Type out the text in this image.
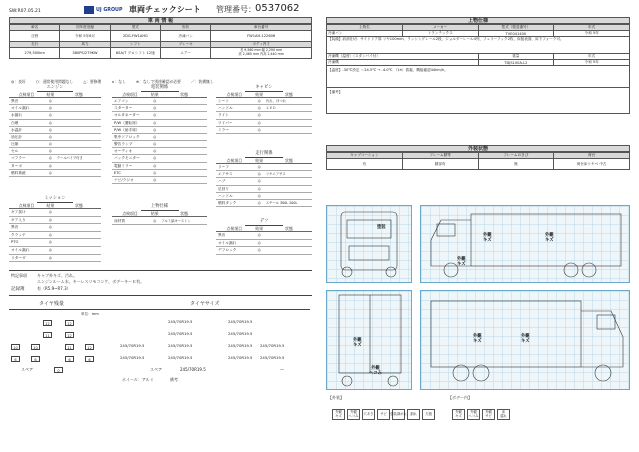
SW:R07.05.21	UJ GROUP 車両チェックシート 管理番号： 0537062
車 両 情 報
車名	初年度登録	型式	形状	車台番号
日野	令和 5年6月	2DG-FW1AHG	冷凍バン	FW1AH-122606
走行	馬力	シフト	ブレーキ	ボディ内寸
279,500km	380PS/279KW	6SA/T プロシフト 12速	エアー	長 9,560 mm 幅 2,290 mm
高 2,460 mm 内高 2,440 mm
◎：良好	○：通常使用問題なし	△：要修理	×：なし	※：なしで別途確認が必要	／：装備無し
エンジン
点検項目	結果	状態
異音	◎
オイル漏れ	◎
水漏れ	◎
白煙	◎
水温計	◎
油圧計	◎
圧縮	◎
セル	◎
マフラー	◎	テールパイプ付き
ターボ	◎
燃料系統	◎
ミッション
点検項目	結果	状態
ギア抜け	◎
ギア入り	◎
異音	◎
クラッチ	◎
PTO	◎
オイル漏れ	◎
リターダ	◎
電装関係
点検項目	結果	状態
エアコン	◎
スターター	◎
オルタネーター	◎
P/W（運転席）	◎
P/W（助手席）	◎
集中ドアロック	◎
警告ランプ	◎
オーディオ	◎
バックモニター	◎
電動ミラー	◎
ETC	◎
ナビ/ラジオ	◎
上物仕様
点検項目	結果	状態
床材質	◎	アルミ縞キーストン
キャビン
点検項目	結果	状態
シート	◎	汚れ、ほつれ
ハンドル	◎	ＬＥＤ
ライト	◎
ワイパー	◎
ミラー	◎
走行関係
点検項目	結果	状態
リーフ	◎
エアサス	◎	リヤエアサス
ハブ	◎
足回り	◎
ハンドル	◎
燃料タンク	◎	スチール 300L 200L
デフ
点検項目	結果	状態
異音	◎
オイル漏れ	◎
デフロック	◎
特記事項	キャブ外キズ、汚れ。
エンジンルーム水、キーレスリモコンケ、ボデーキーＥ有。
記録簿	有（R5.9~R7.3）
タイヤ残量
単位：mm
スペア	0
12	12
11	12
10	10	11	12
6	6	6	6
タイヤサイズ
スペア	245/70R19.5	—
ホイール：アルミ	備考
245/70R19.5	245/70R19.5
245/70R19.5	245/70R19.5
245/70R19.5	245/70R19.5	245/70R19.5 245/70R19.5
245/70R19.5	245/70R19.5	245/70R19.5 245/70R19.5
上物仕様
上物名	メーカー	型式（製造番号）	年式
冷凍バン	トランテックス	TVE041400	令和 5年
【装備】前部仕切：サイドドア扉 リヤ100mm、ラッシングレール2段、ジョルダーレール4列、フェリーフック2枚、床板表面、床下フォーク可。			
冷凍機（温度）（スタンバイ付）		重量	年式
冷凍機		TDJS100A-L2	令和 5年
【温度】-30℃設定 ＝24.5℃ → -4.0℃ （1h）着霜、機能確認44km/h。			
【備考】			
外装状態
キャブコーション	フレーム錆等	フレームのきび	荷台
有	錆部有	無	荷台床リヤペ 中古
塗装
外観
キズ
外観
キズ
外観
キズ
外観
キズ
外観
ヘコみ
外観
キズ
外観
キズ
【外装】	【ボデー内】
外観
キズ
外観
ヘコみ	穴あき	サビ	塗装剥がれ	割れ	欠損	外観
キズ
外観
ヘコみ
外観
サビ
床
腐れ
